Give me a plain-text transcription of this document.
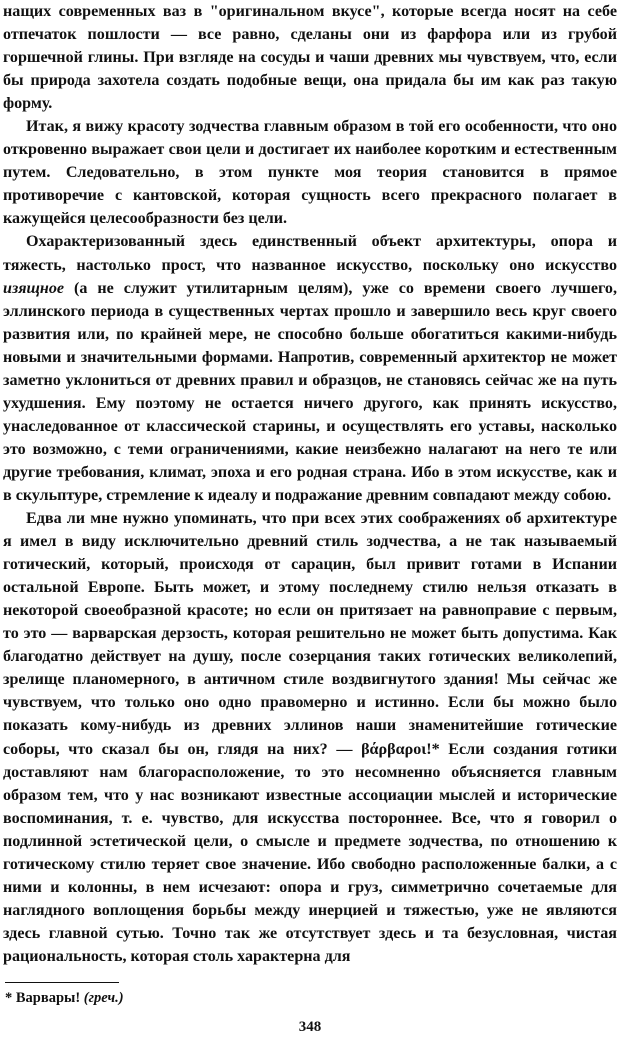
нащих современных ваз в "оригинальном вкусе", которые всегда носят на себе отпечаток пошлости — все равно, сделаны они из фарфора или из грубой горшечной глины. При взгляде на сосуды и чаши древних мы чувствуем, что, если бы природа захотела создать подобные вещи, она придала бы им как раз такую форму.

Итак, я вижу красоту зодчества главным образом в той его особенности, что оно откровенно выражает свои цели и достигает их наиболее коротким и естественным путем. Следовательно, в этом пункте моя теория становится в прямое противоречие с кантовской, которая сущность всего прекрасного полагает в кажущейся целесообразности без цели.

Охарактеризованный здесь единственный объект архитектуры, опора и тяжесть, настолько прост, что названное искусство, поскольку оно искусство изящное (а не служит утилитарным целям), уже со времени своего лучшего, эллинского периода в существенных чертах прошло и завершило весь круг своего развития или, по крайней мере, не способно больше обогатиться какими-нибудь новыми и значительными формами. Напротив, современный архитектор не может заметно уклониться от древних правил и образцов, не становясь сейчас же на путь ухудшения. Ему поэтому не остается ничего другого, как принять искусство, унаследованное от классической старины, и осуществлять его уставы, насколько это возможно, с теми ограничениями, какие неизбежно налагают на него те или другие требования, климат, эпоха и его родная страна. Ибо в этом искусстве, как и в скульптуре, стремление к идеалу и подражание древним совпадают между собою.

Едва ли мне нужно упоминать, что при всех этих соображениях об архитектуре я имел в виду исключительно древний стиль зодчества, а не так называемый готический, который, происходя от сарацин, был привит готами в Испании остальной Европе. Быть может, и этому последнему стилю нельзя отказать в некоторой своеобразной красоте; но если он притязает на равноправие с первым, то это — варварская дерзость, которая решительно не может быть допустима. Как благодатно действует на душу, после созерцания таких готических великолепий, зрелище планомерного, в античном стиле воздвигнутого здания! Мы сейчас же чувствуем, что только оно одно правомерно и истинно. Если бы можно было показать кому-нибудь из древних эллинов наши знаменитейшие готические соборы, что сказал бы он, глядя на них? — βάρβαροι!* Если создания готики доставляют нам благорасположение, то это несомненно объясняется главным образом тем, что у нас возникают известные ассоциации мыслей и исторические воспоминания, т. е. чувство, для искусства постороннее. Все, что я говорил о подлинной эстетической цели, о смысле и предмете зодчества, по отношению к готическому стилю теряет свое значение. Ибо свободно расположенные балки, а с ними и колонны, в нем исчезают: опора и груз, симметрично сочетаемые для наглядного воплощения борьбы между инерцией и тяжестью, уже не являются здесь главной сутью. Точно так же отсутствует здесь и та безусловная, чистая рациональность, которая столь характерна для

* Варвары! (греч.)
348
